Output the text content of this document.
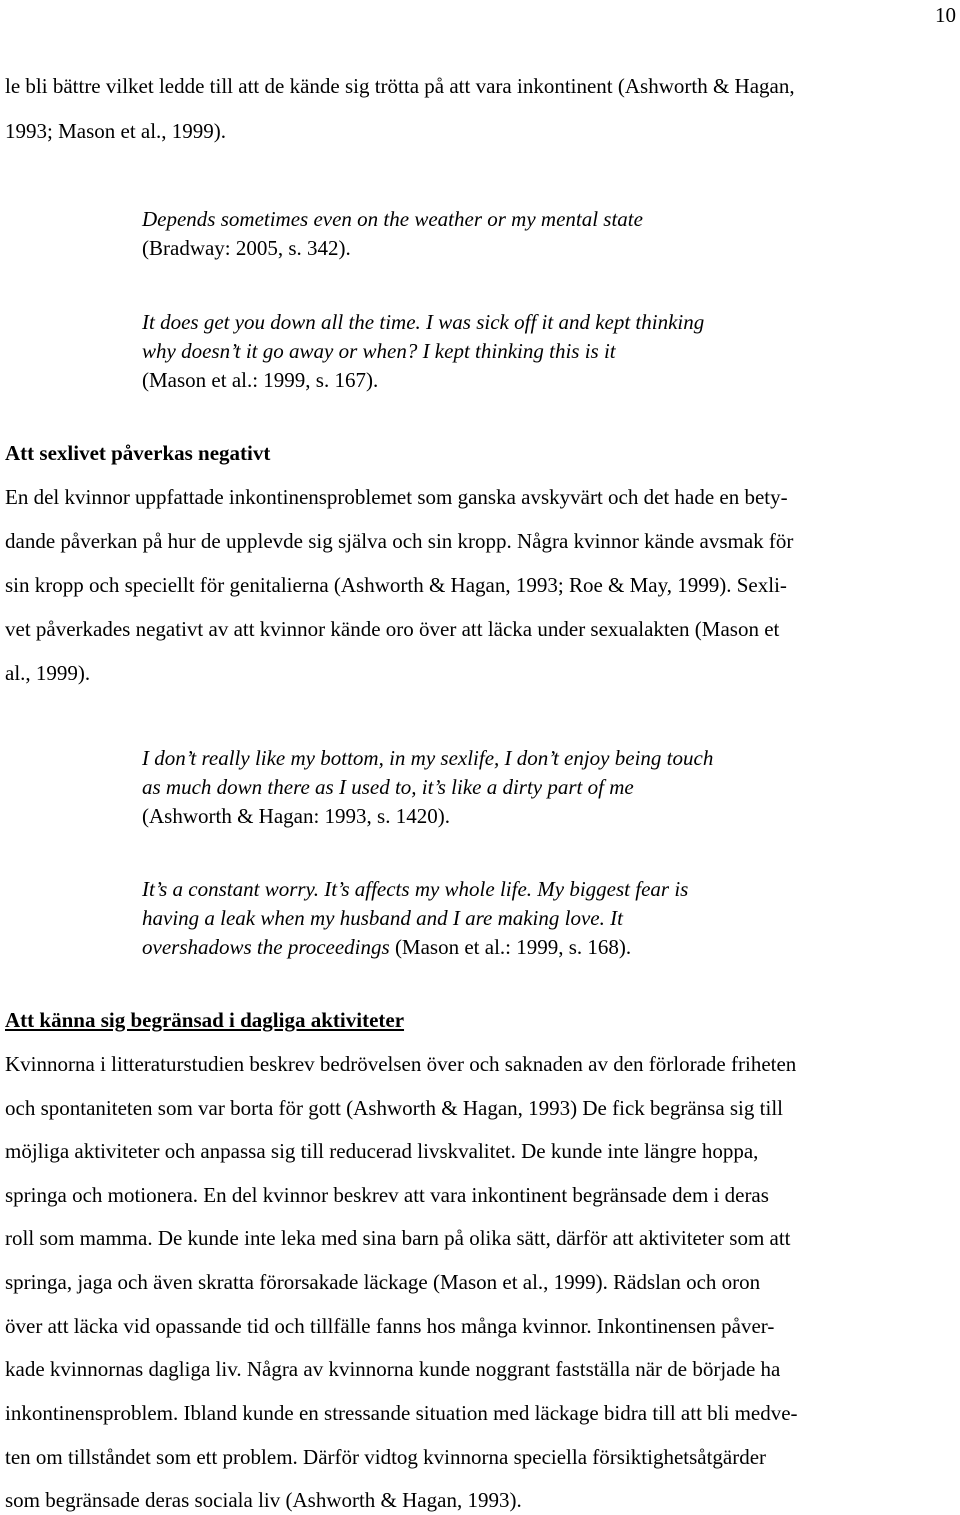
10
le bli bättre vilket ledde till att de kände sig trötta på att vara inkontinent (Ashworth & Hagan,
1993; Mason et al., 1999).
Depends sometimes even on the weather or my mental state
(Bradway: 2005, s. 342).
It does get you down all the time. I was sick off it and kept thinking
why doesn’t it go away or when? I kept thinking this is it
(Mason et al.: 1999, s. 167).
Att sexlivet påverkas negativt
En del kvinnor uppfattade inkontinensproblemet som ganska avskyvärt och det hade en bety-
dande påverkan på hur de upplevde sig själva och sin kropp. Några kvinnor kände avsmak för
sin kropp och speciellt för genitalierna (Ashworth & Hagan, 1993; Roe & May, 1999). Sexli-
vet påverkades negativt av att kvinnor kände oro över att läcka under sexualakten (Mason et
al., 1999).
I don’t really like my bottom, in my sexlife, I don’t enjoy being touch
as much down there as I used to, it’s like a dirty part of me
(Ashworth & Hagan: 1993, s. 1420).
It’s a constant worry. It’s affects my whole life. My biggest fear is
having a leak when my husband and I are making love. It
overshadows the proceedings (Mason et al.: 1999, s. 168).
Att känna sig begränsad i dagliga aktiviteter
Kvinnorna i litteraturstudien beskrev bedrövelsen över och saknaden av den förlorade friheten
och spontaniteten som var borta för gott (Ashworth & Hagan, 1993) De fick begränsa sig till
möjliga aktiviteter och anpassa sig till reducerad livskvalitet. De kunde inte längre hoppa,
springa och motionera. En del kvinnor beskrev att vara inkontinent begränsade dem i deras
roll som mamma. De kunde inte leka med sina barn på olika sätt, därför att aktiviteter som att
springa, jaga och även skratta förorsakade läckage (Mason et al., 1999). Rädslan och oron
över att läcka vid opassande tid och tillfälle fanns hos många kvinnor. Inkontinensen påver-
kade kvinnornas dagliga liv. Några av kvinnorna kunde noggrant fastställa när de började ha
inkontinensproblem. Ibland kunde en stressande situation med läckage bidra till att bli medve-
ten om tillståndet som ett problem. Därför vidtog kvinnorna speciella försiktighetsåtgärder
som begränsade deras sociala liv (Ashworth & Hagan, 1993).
